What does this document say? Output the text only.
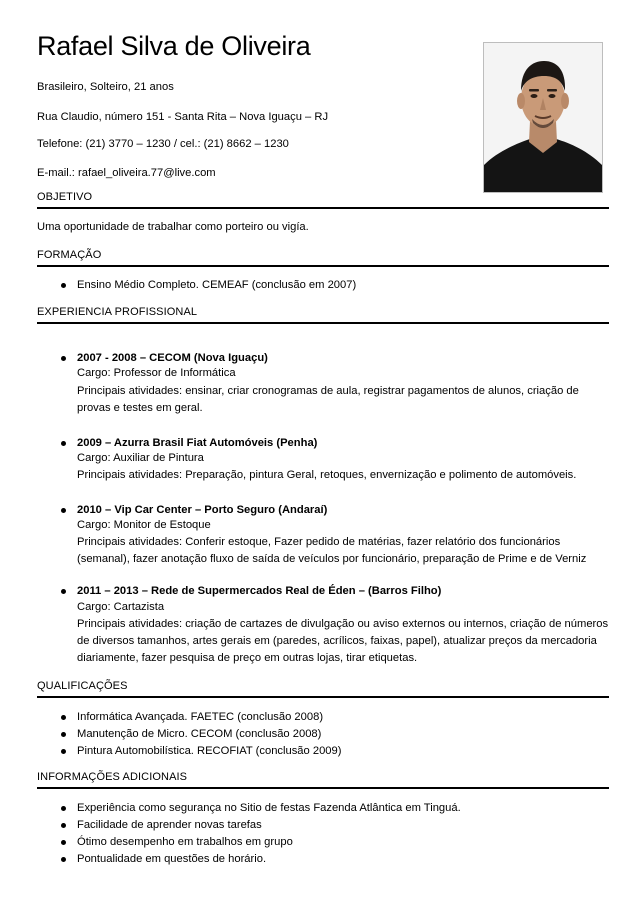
Rafael Silva de Oliveira
Brasileiro, Solteiro, 21 anos
Rua Claudio, número 151 - Santa Rita – Nova Iguaçu – RJ
Telefone: (21) 3770 – 1230 / cel.: (21) 8662 – 1230
E-mail.: rafael_oliveira.77@live.com
OBJETIVO
Uma oportunidade de trabalhar como porteiro ou vigía.
FORMAÇÃO
Ensino Médio Completo. CEMEAF (conclusão em 2007)
EXPERIENCIA PROFISSIONAL
2007 - 2008 – CECOM (Nova Iguaçu)
Cargo: Professor de Informática
Principais atividades: ensinar, criar cronogramas de aula, registrar pagamentos de alunos, criação de provas e testes em geral.
2009 – Azurra Brasil Fiat Automóveis (Penha)
Cargo: Auxiliar de Pintura
Principais atividades: Preparação, pintura Geral, retoques, envernização e polimento de automóveis.
2010 – Vip Car Center – Porto Seguro (Andaraí)
Cargo: Monitor de Estoque
Principais atividades: Conferir estoque, Fazer pedido de matérias, fazer relatório dos funcionários (semanal), fazer anotação fluxo de saída de veículos por funcionário, preparação de Prime e de Verniz
2011 – 2013 – Rede de Supermercados Real de Éden – (Barros Filho)
Cargo: Cartazista
Principais atividades: criação de cartazes de divulgação ou aviso externos ou internos, criação de números de diversos tamanhos, artes gerais em (paredes, acrílicos, faixas, papel), atualizar preços da mercadoria diariamente, fazer pesquisa de preço em outras lojas, tirar etiquetas.
QUALIFICAÇÕES
Informática Avançada. FAETEC (conclusão 2008)
Manutenção de Micro. CECOM (conclusão 2008)
Pintura Automobilística. RECOFIAT (conclusão 2009)
INFORMAÇÕES ADICIONAIS
Experiência como segurança no Sitio de festas Fazenda Atlântica em Tinguá.
Facilidade de aprender novas tarefas
Ótimo desempenho em trabalhos em grupo
Pontualidade em questões de horário.
